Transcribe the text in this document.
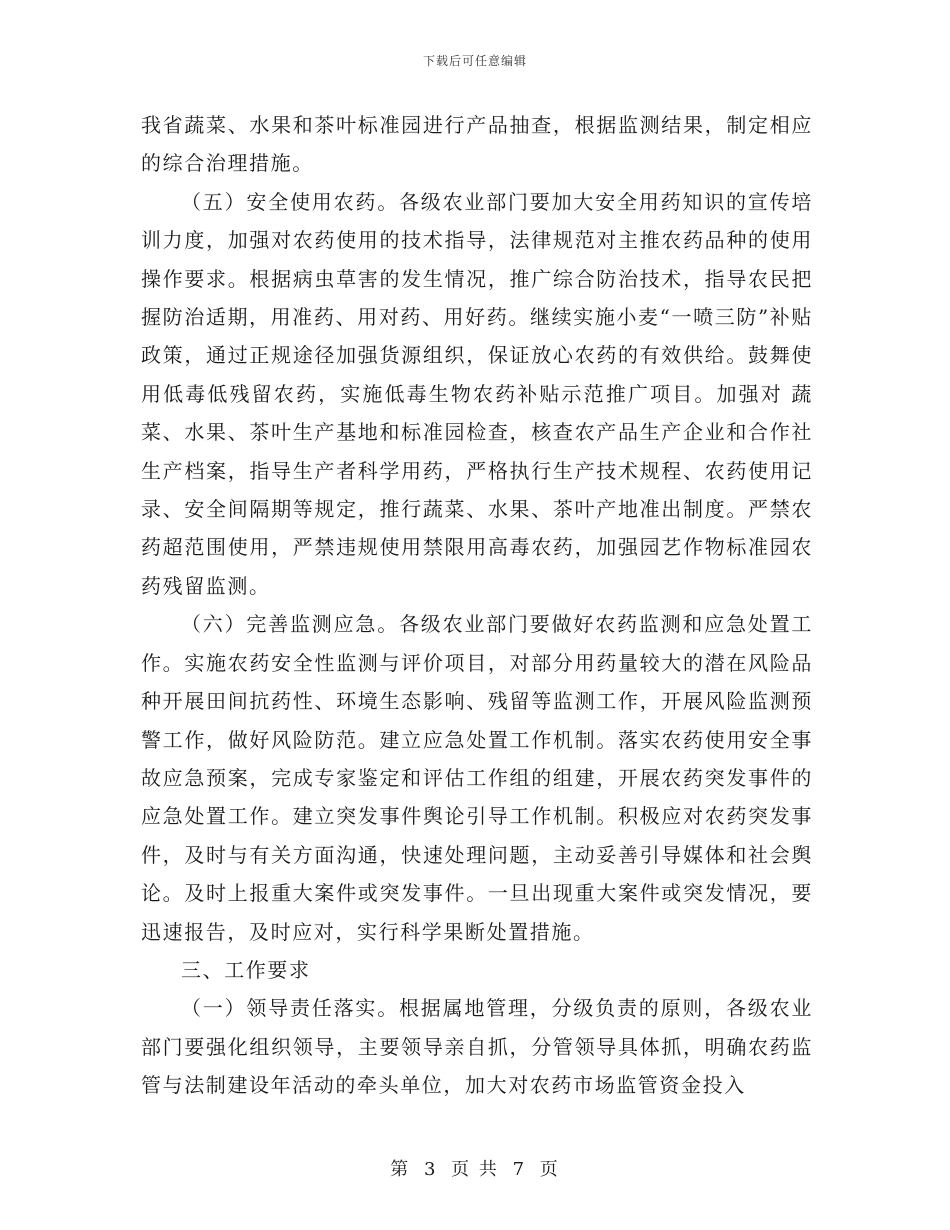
下载后可任意编辑

我省蔬菜、水果和茶叶标准园进行产品抽查，根据监测结果，制定相应的综合治理措施。

（五）安全使用农药。各级农业部门要加大安全用药知识的宣传培训力度，加强对农药使用的技术指导，法律规范对主推农药品种的使用操作要求。根据病虫草害的发生情况，推广综合防治技术，指导农民把握防治适期，用准药、用对药、用好药。继续实施小麦“一喷三防”补贴政策，通过正规途径加强货源组织，保证放心农药的有效供给。鼓舞使用低毒低残留农药，实施低毒生物农药补贴示范推广项目。加强对 蔬菜、水果、茶叶生产基地和标准园检查，核查农产品生产企业和合作社生产档案，指导生产者科学用药，严格执行生产技术规程、农药使用记录、安全间隔期等规定，推行蔬菜、水果、茶叶产地准出制度。严禁农药超范围使用，严禁违规使用禁限用高毒农药，加强园艺作物标准园农药残留监测。

（六）完善监测应急。各级农业部门要做好农药监测和应急处置工作。实施农药安全性监测与评价项目，对部分用药量较大的潜在风险品种开展田间抗药性、环境生态影响、残留等监测工作，开展风险监测预警工作，做好风险防范。建立应急处置工作机制。落实农药使用安全事故应急预案，完成专家鉴定和评估工作组的组建，开展农药突发事件的应急处置工作。建立突发事件舆论引导工作机制。积极应对农药突发事件，及时与有关方面沟通，快速处理问题，主动妥善引导媒体和社会舆论。及时上报重大案件或突发事件。一旦出现重大案件或突发情况，要迅速报告，及时应对，实行科学果断处置措施。

三、工作要求

（一）领导责任落实。根据属地管理，分级负责的原则，各级农业部门要强化组织领导，主要领导亲自抓，分管领导具体抓，明确农药监管与法制建设年活动的牵头单位，加大对农药市场监管资金投入

第 3 页 共 7 页
